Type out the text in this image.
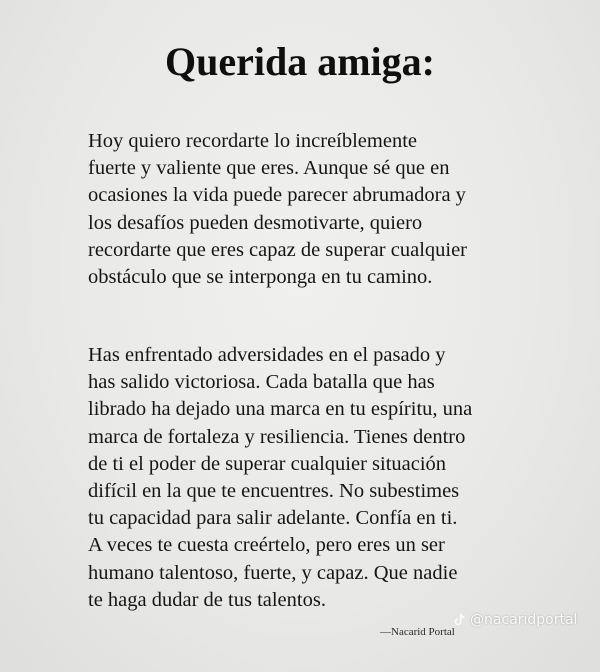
Querida amiga:
Hoy quiero recordarte lo increíblemente
fuerte y valiente que eres. Aunque sé que en
ocasiones la vida puede parecer abrumadora y
los desafíos pueden desmotivarte, quiero
recordarte que eres capaz de superar cualquier
obstáculo que se interponga en tu camino.
Has enfrentado adversidades en el pasado y
has salido victoriosa. Cada batalla que has
librado ha dejado una marca en tu espíritu, una
marca de fortaleza y resiliencia. Tienes dentro
de ti el poder de superar cualquier situación
difícil en la que te encuentres. No subestimes
tu capacidad para salir adelante. Confía en ti.
A veces te cuesta creértelo, pero eres un ser
humano talentoso, fuerte, y capaz. Que nadie
te haga dudar de tus talentos.
—Nacarid Portal
@nacaridportal
